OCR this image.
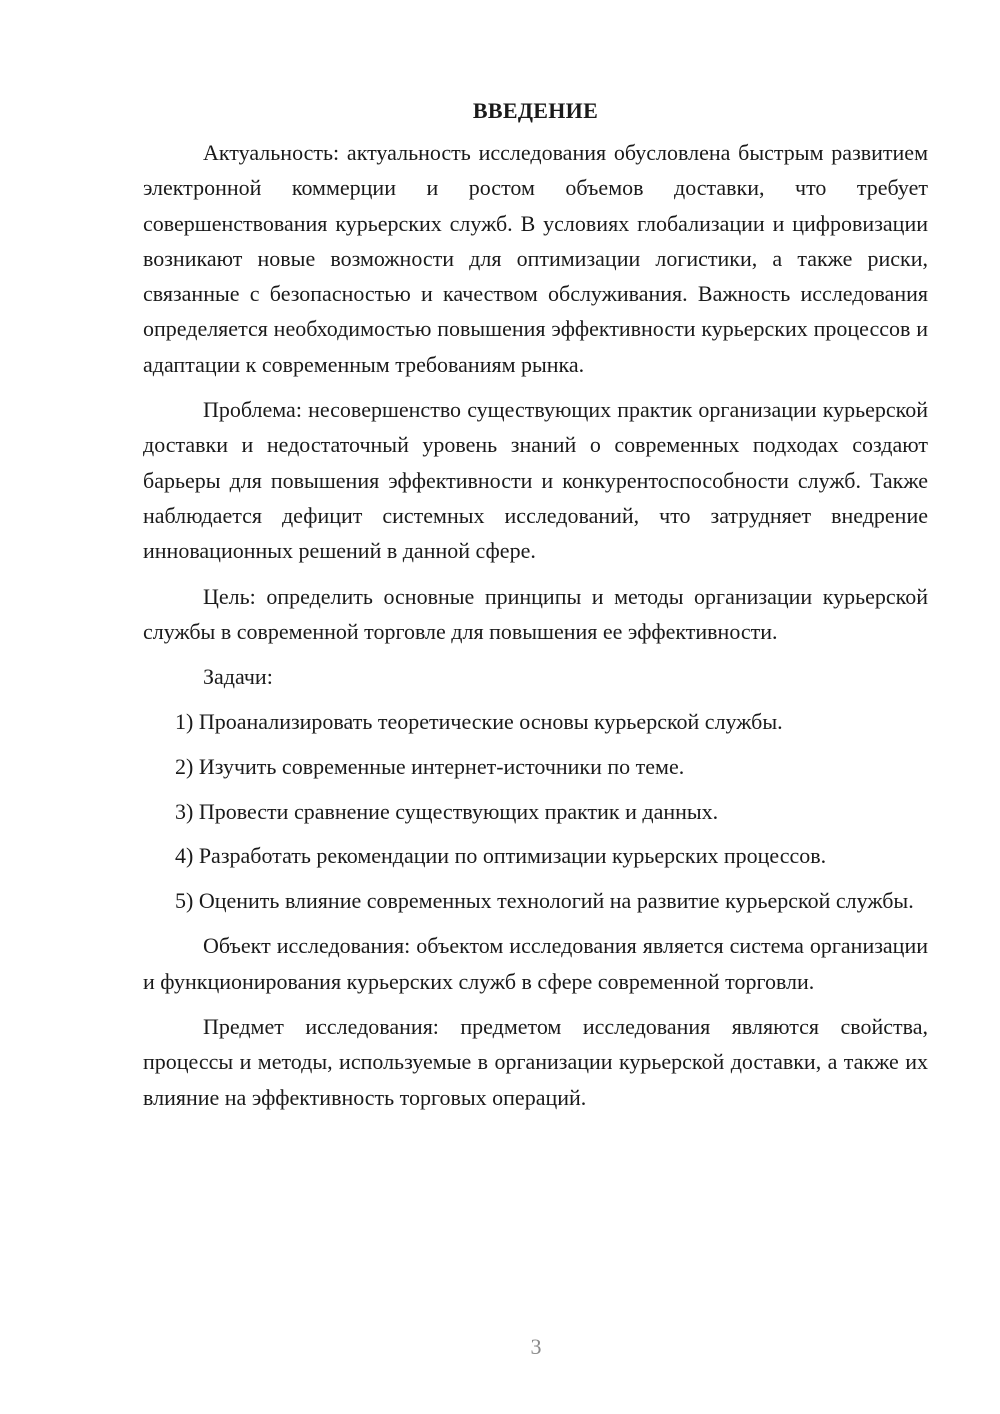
ВВЕДЕНИЕ

Актуальность: актуальность исследования обусловлена быстрым развитием электронной коммерции и ростом объемов доставки, что требует совершенствования курьерских служб. В условиях глобализации и цифровизации возникают новые возможности для оптимизации логистики, а также риски, связанные с безопасностью и качеством обслуживания. Важность исследования определяется необходимостью повышения эффективности курьерских процессов и адаптации к современным требованиям рынка.

Проблема: несовершенство существующих практик организации курьерской доставки и недостаточный уровень знаний о современных подходах создают барьеры для повышения эффективности и конкурентоспособности служб. Также наблюдается дефицит системных исследований, что затрудняет внедрение инновационных решений в данной сфере.

Цель: определить основные принципы и методы организации курьерской службы в современной торговле для повышения ее эффективности.

Задачи:

1) Проанализировать теоретические основы курьерской службы.

2) Изучить современные интернет-источники по теме.

3) Провести сравнение существующих практик и данных.

4) Разработать рекомендации по оптимизации курьерских процессов.

5) Оценить влияние современных технологий на развитие курьерской службы.

Объект исследования: объектом исследования является система организации и функционирования курьерских служб в сфере современной торговли.

Предмет исследования: предметом исследования являются свойства, процессы и методы, используемые в организации курьерской доставки, а также их влияние на эффективность торговых операций.

3
